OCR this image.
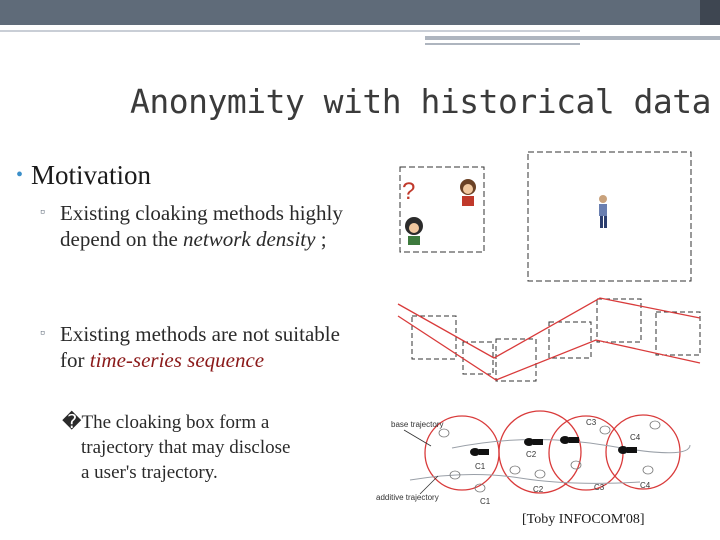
Anonymity with historical data
• Motivation
▫ Existing cloaking methods highly depend on the network density ;
▫ Existing methods are not suitable for time-series sequence
�The cloaking box form a
trajectory that may disclose
a user's trajectory.
?
base trajectory
additive trajectory
C1
C2
C3
C4
C1
C2	C3	C4
[Toby INFOCOM'08]
